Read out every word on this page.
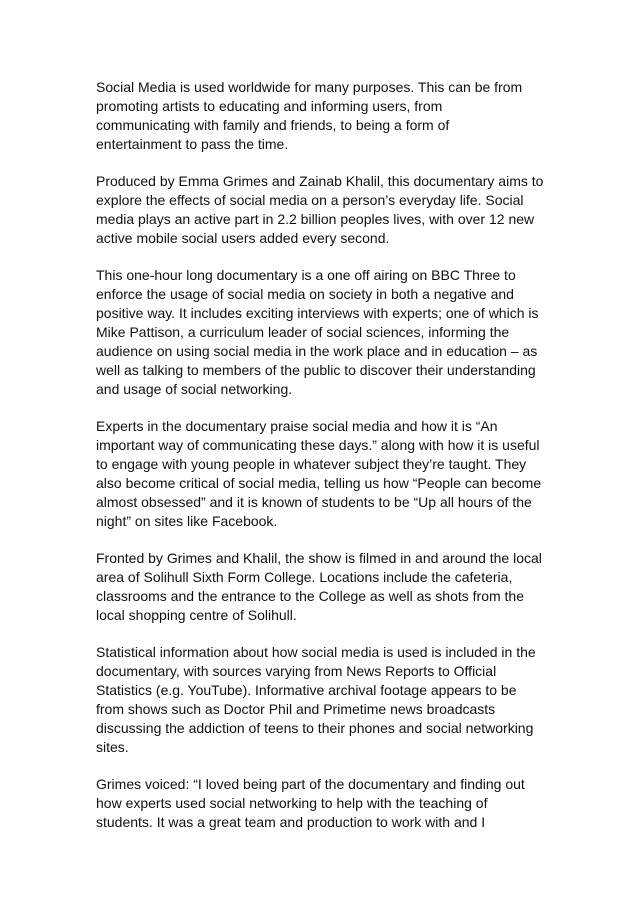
Social Media is used worldwide for many purposes. This can be from
promoting artists to educating and informing users, from
communicating with family and friends, to being a form of
entertainment to pass the time.

Produced by Emma Grimes and Zainab Khalil, this documentary aims to
explore the effects of social media on a person’s everyday life. Social
media plays an active part in 2.2 billion peoples lives, with over 12 new
active mobile social users added every second.

This one-hour long documentary is a one off airing on BBC Three to
enforce the usage of social media on society in both a negative and
positive way. It includes exciting interviews with experts; one of which is
Mike Pattison, a curriculum leader of social sciences, informing the
audience on using social media in the work place and in education – as
well as talking to members of the public to discover their understanding
and usage of social networking.

Experts in the documentary praise social media and how it is “An
important way of communicating these days.” along with how it is useful
to engage with young people in whatever subject they’re taught. They
also become critical of social media, telling us how “People can become
almost obsessed” and it is known of students to be “Up all hours of the
night” on sites like Facebook.

Fronted by Grimes and Khalil, the show is filmed in and around the local
area of Solihull Sixth Form College. Locations include the cafeteria,
classrooms and the entrance to the College as well as shots from the
local shopping centre of Solihull.

Statistical information about how social media is used is included in the
documentary, with sources varying from News Reports to Official
Statistics (e.g. YouTube). Informative archival footage appears to be
from shows such as Doctor Phil and Primetime news broadcasts
discussing the addiction of teens to their phones and social networking
sites.

Grimes voiced: “I loved being part of the documentary and finding out
how experts used social networking to help with the teaching of
students. It was a great team and production to work with and I
